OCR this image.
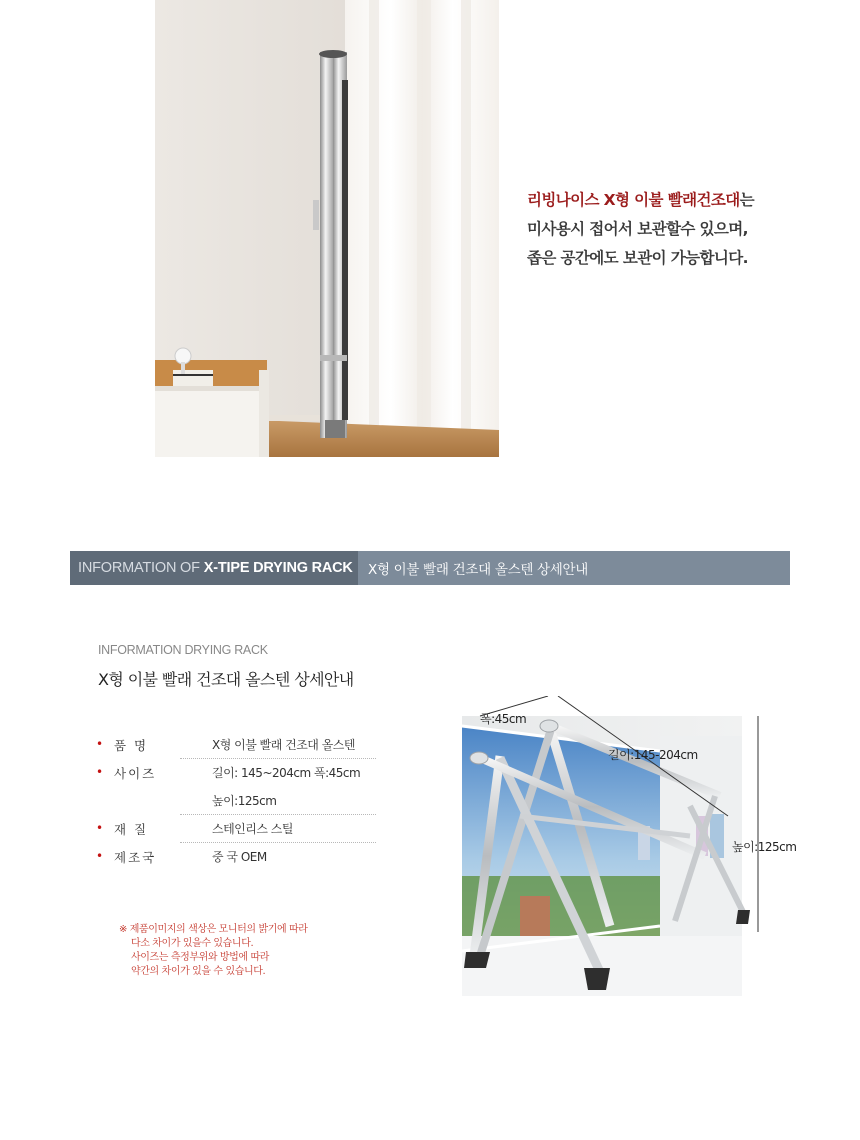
리빙나이스 X형 이불 빨래건조대는
미사용시 접어서 보관할수 있으며,
좁은 공간에도 보관이 가능합니다.
INFORMATION OF X-TIPE DRYING RACK	X형 이불 빨래 건조대 올스텐 상세안내
INFORMATION DRYING RACK
X형 이불 빨래 건조대 올스텐 상세안내
• 품 명	X형 이불 빨래 건조대 올스텐
• 사이즈	길이: 145~204cm 폭:45cm
높이:125cm
• 재 질	스테인리스 스틸
• 제조국	중 국 OEM
※ 제품이미지의 색상은 모니터의 밝기에 따라
다소 차이가 있을수 있습니다.
사이즈는 측정부위와 방법에 따라
약간의 차이가 있을 수 있습니다.
폭:45cm
길이:145-204cm
높이:125cm
